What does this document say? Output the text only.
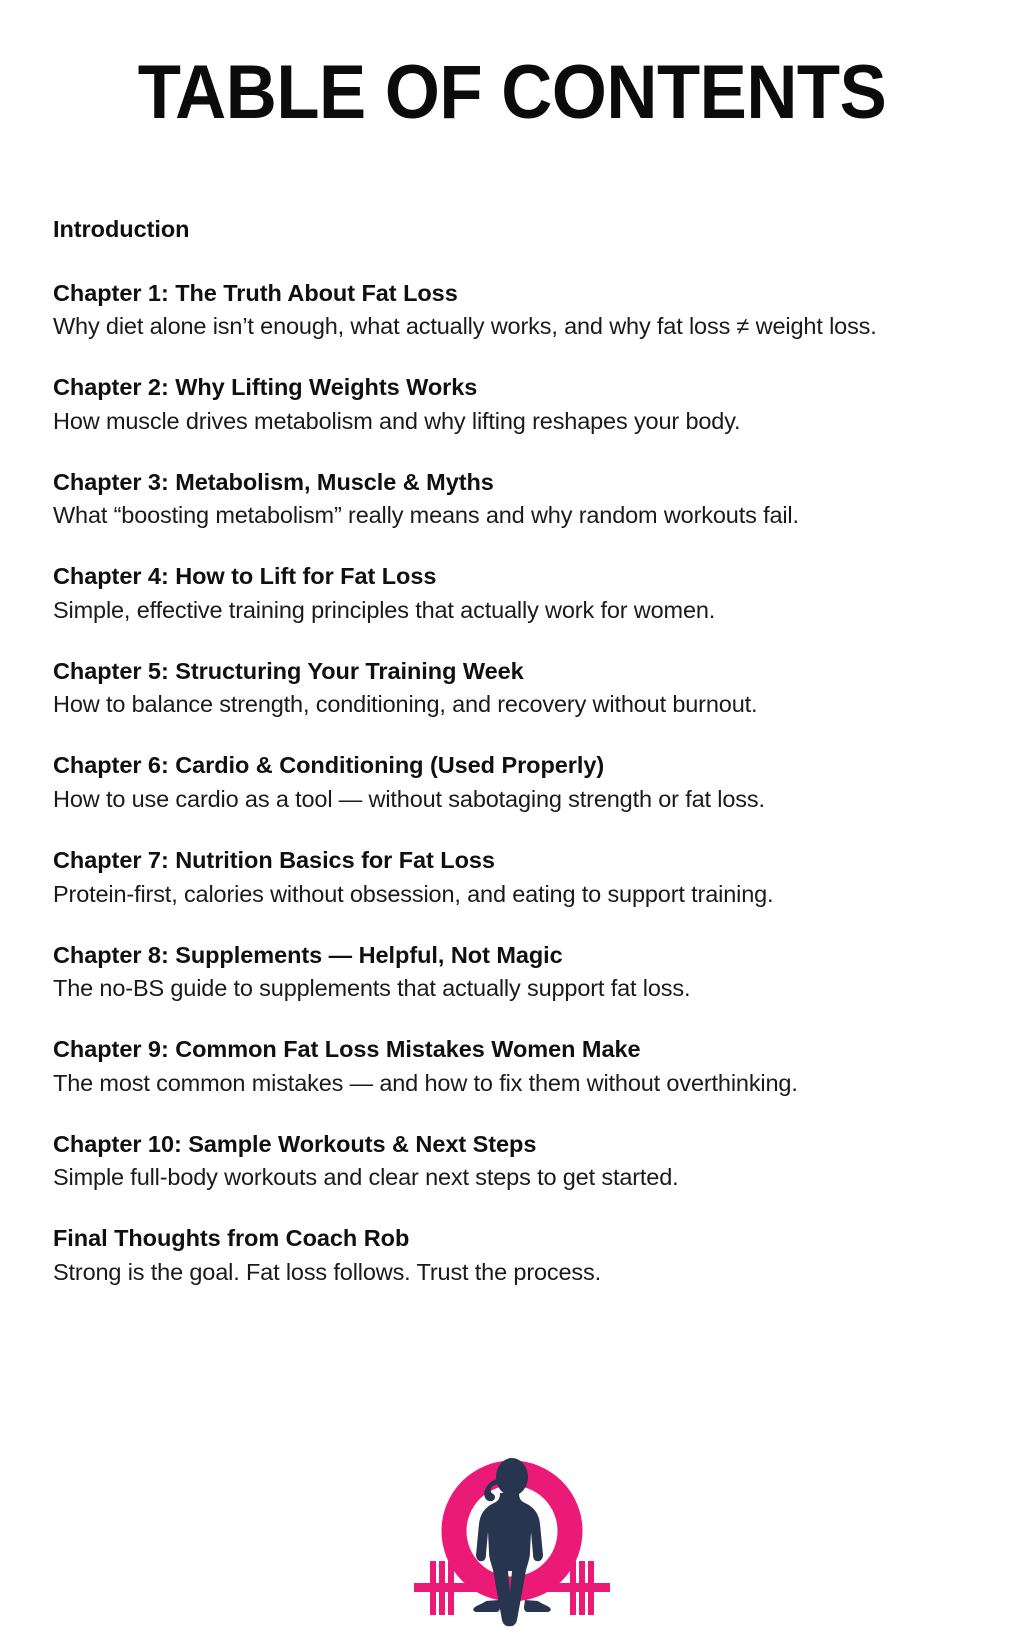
TABLE OF CONTENTS
Introduction
Chapter 1: The Truth About Fat Loss
Why diet alone isn’t enough, what actually works, and why fat loss ≠ weight loss.
Chapter 2: Why Lifting Weights Works
How muscle drives metabolism and why lifting reshapes your body.
Chapter 3: Metabolism, Muscle & Myths
What “boosting metabolism” really means and why random workouts fail.
Chapter 4: How to Lift for Fat Loss
Simple, effective training principles that actually work for women.
Chapter 5: Structuring Your Training Week
How to balance strength, conditioning, and recovery without burnout.
Chapter 6: Cardio & Conditioning (Used Properly)
How to use cardio as a tool — without sabotaging strength or fat loss.
Chapter 7: Nutrition Basics for Fat Loss
Protein-first, calories without obsession, and eating to support training.
Chapter 8: Supplements — Helpful, Not Magic
The no-BS guide to supplements that actually support fat loss.
Chapter 9: Common Fat Loss Mistakes Women Make
The most common mistakes — and how to fix them without overthinking.
Chapter 10: Sample Workouts & Next Steps
Simple full-body workouts and clear next steps to get started.
Final Thoughts from Coach Rob
Strong is the goal. Fat loss follows. Trust the process.
